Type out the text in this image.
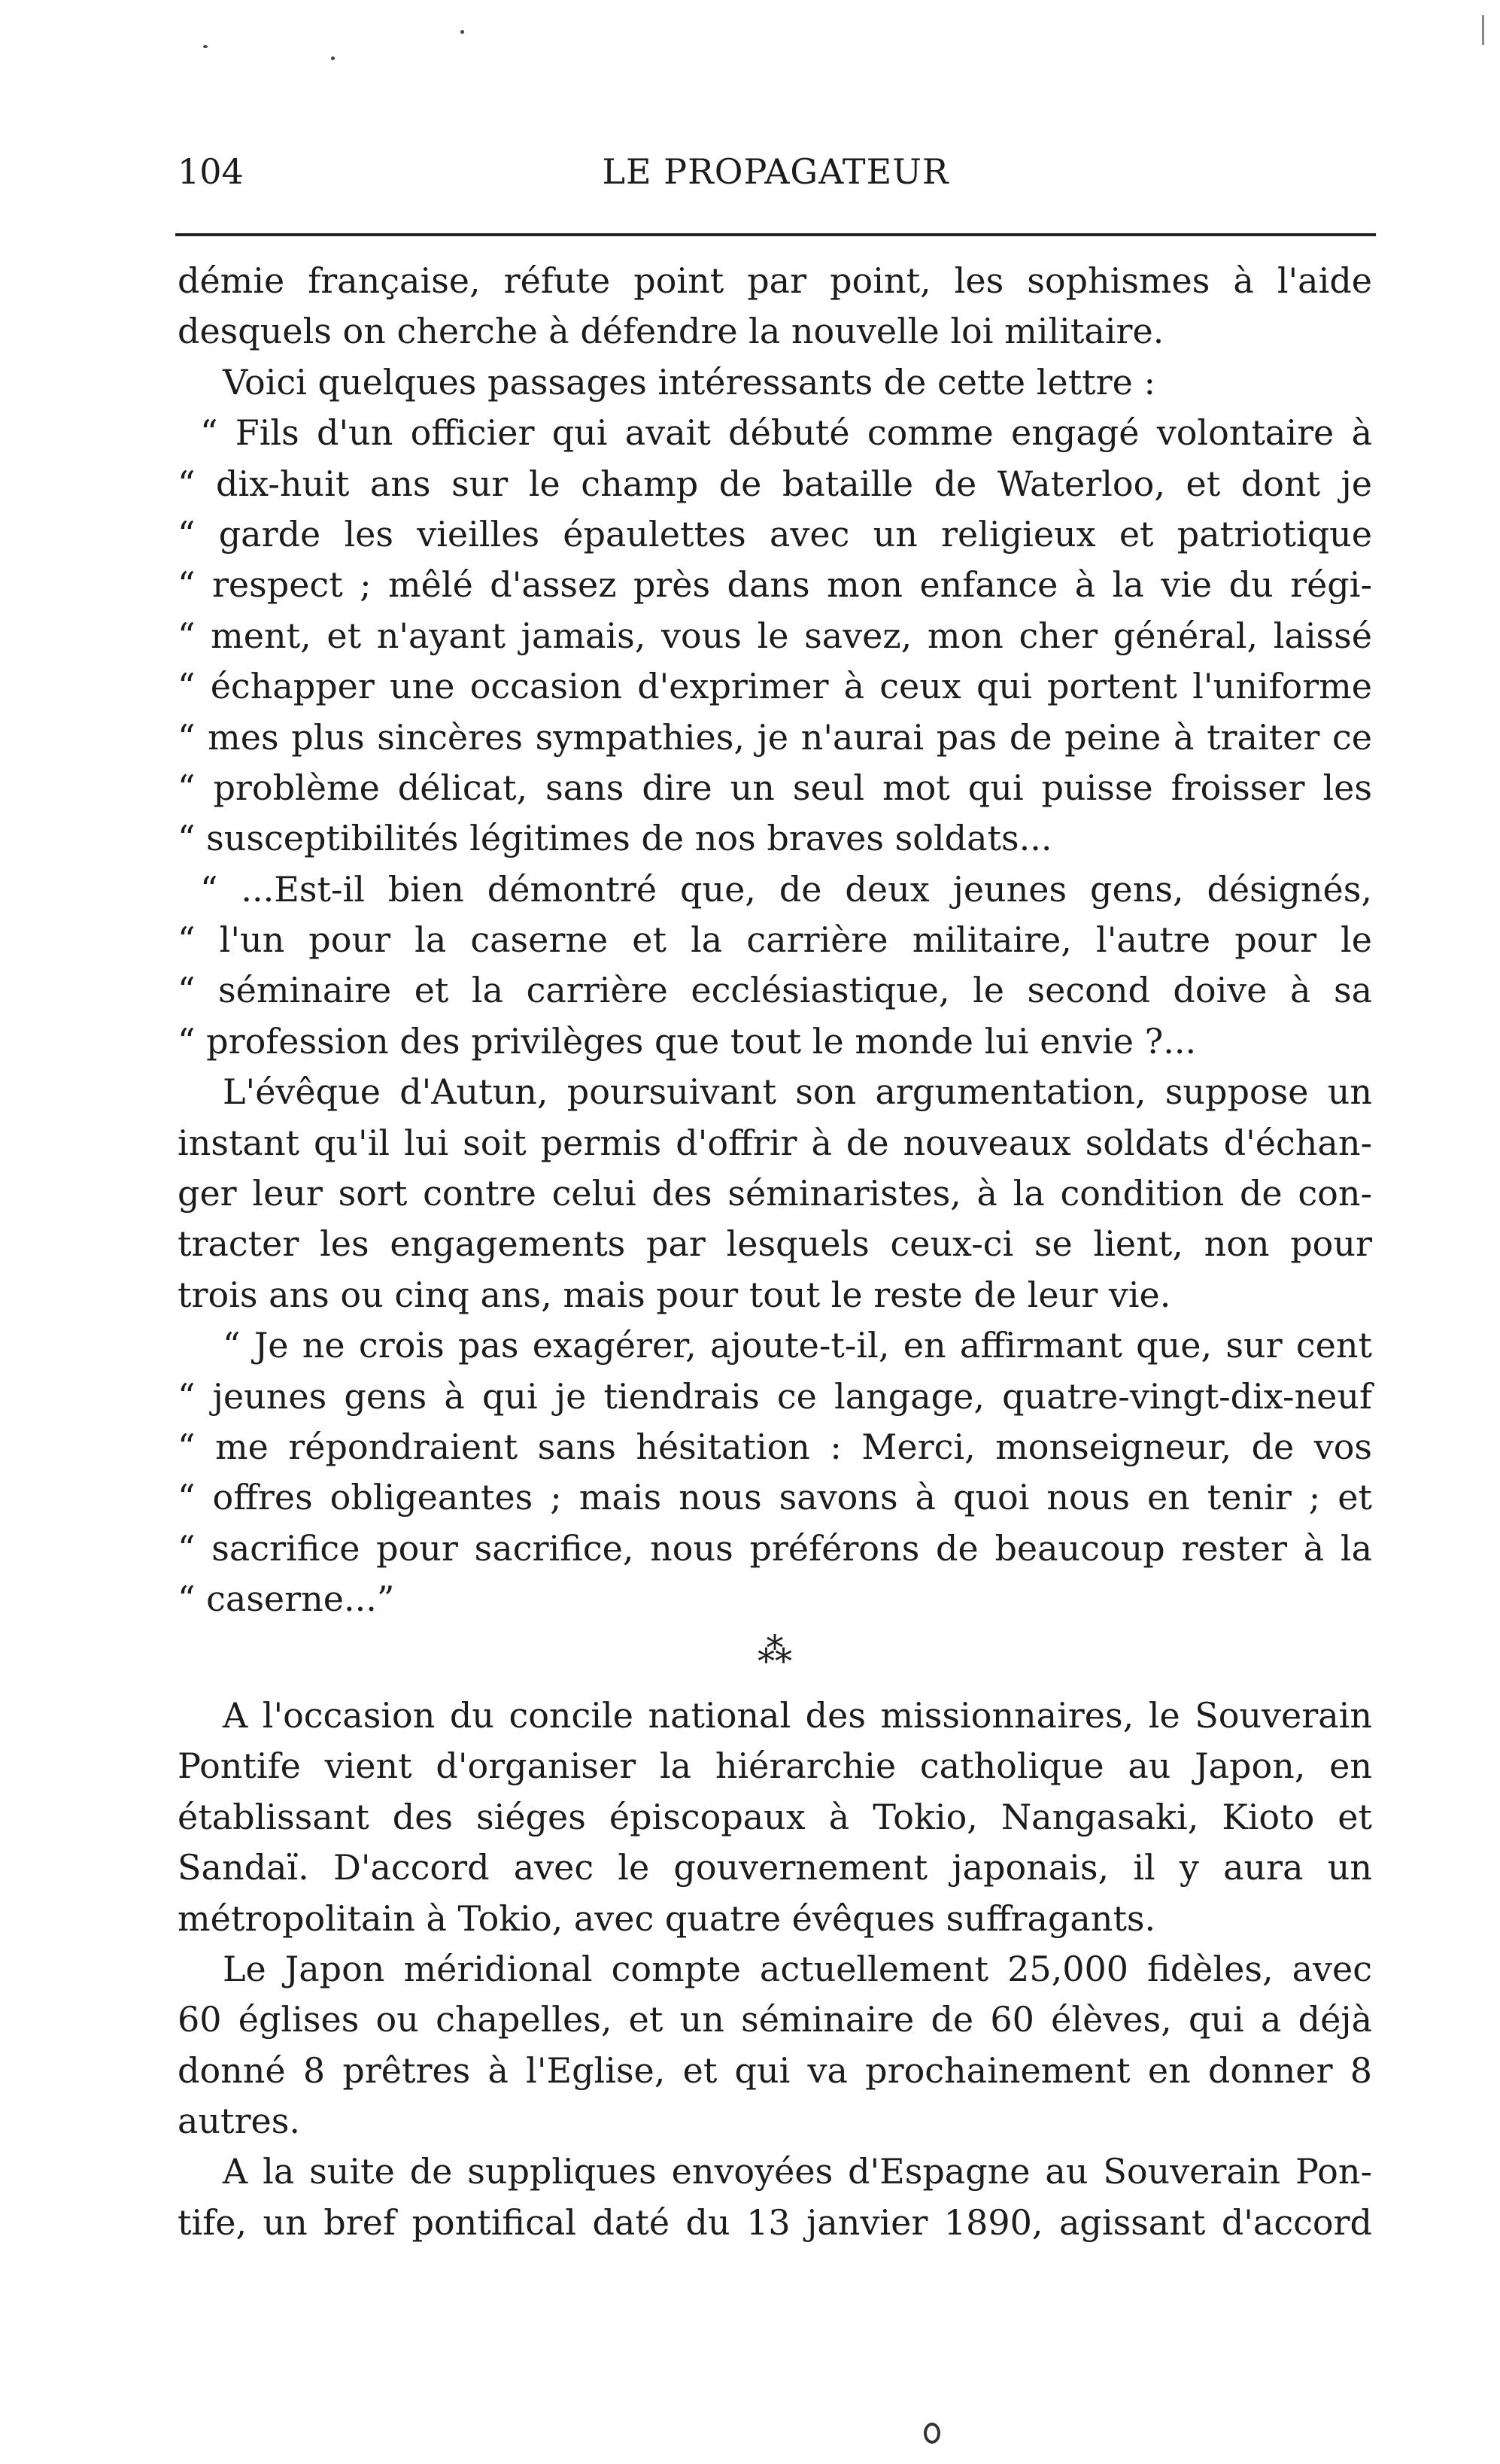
104	LE PROPAGATEUR
démie française, réfute point par point, les sophismes à l'aide
desquels on cherche à défendre la nouvelle loi militaire.
Voici quelques passages intéressants de cette lettre :
“ Fils d'un officier qui avait débuté comme engagé volontaire à
“ dix-huit ans sur le champ de bataille de Waterloo, et dont je
“ garde les vieilles épaulettes avec un religieux et patriotique
“ respect ; mêlé d'assez près dans mon enfance à la vie du régi-
“ ment, et n'ayant jamais, vous le savez, mon cher général, laissé
“ échapper une occasion d'exprimer à ceux qui portent l'uniforme
“ mes plus sincères sympathies, je n'aurai pas de peine à traiter ce
“ problème délicat, sans dire un seul mot qui puisse froisser les
“ susceptibilités légitimes de nos braves soldats...
“ ...Est-il bien démontré que, de deux jeunes gens, désignés,
“ l'un pour la caserne et la carrière militaire, l'autre pour le
“ séminaire et la carrière ecclésiastique, le second doive à sa
“ profession des privilèges que tout le monde lui envie ?...
L'évêque d'Autun, poursuivant son argumentation, suppose un
instant qu'il lui soit permis d'offrir à de nouveaux soldats d'échan-
ger leur sort contre celui des séminaristes, à la condition de con-
tracter les engagements par lesquels ceux-ci se lient, non pour
trois ans ou cinq ans, mais pour tout le reste de leur vie.
“ Je ne crois pas exagérer, ajoute-t-il, en affirmant que, sur cent
“ jeunes gens à qui je tiendrais ce langage, quatre-vingt-dix-neuf
“ me répondraient sans hésitation : Merci, monseigneur, de vos
“ offres obligeantes ; mais nous savons à quoi nous en tenir ; et
“ sacrifice pour sacrifice, nous préférons de beaucoup rester à la
“ caserne...”
⁂
A l'occasion du concile national des missionnaires, le Souverain
Pontife vient d'organiser la hiérarchie catholique au Japon, en
établissant des siéges épiscopaux à Tokio, Nangasaki, Kioto et
Sandaï. D'accord avec le gouvernement japonais, il y aura un
métropolitain à Tokio, avec quatre évêques suffragants.
Le Japon méridional compte actuellement 25,000 fidèles, avec
60 églises ou chapelles, et un séminaire de 60 élèves, qui a déjà
donné 8 prêtres à l'Eglise, et qui va prochainement en donner 8
autres.
A la suite de suppliques envoyées d'Espagne au Souverain Pon-
tife, un bref pontifical daté du 13 janvier 1890, agissant d'accord
